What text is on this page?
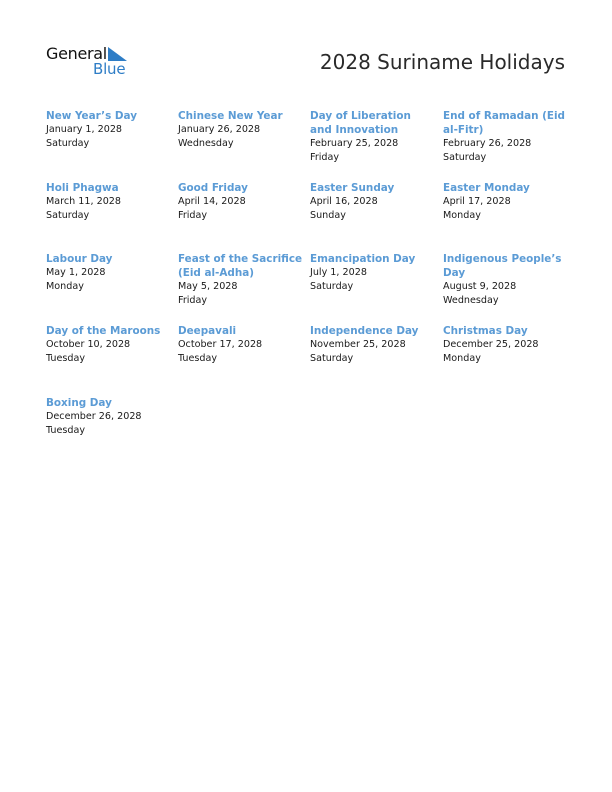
General
Blue	2028 Suriname Holidays

New Year’s Day

January 1, 2028

Saturday

Chinese New Year

January 26, 2028

Wednesday

Day of Liberation and Innovation

February 25, 2028

Friday

End of Ramadan (Eid al-Fitr)

February 26, 2028

Saturday

Holi Phagwa

March 11, 2028

Saturday

Good Friday

April 14, 2028

Friday

Easter Sunday

April 16, 2028

Sunday

Easter Monday

April 17, 2028

Monday

Labour Day

May 1, 2028

Monday

Feast of the Sacrifice (Eid al-Adha)

May 5, 2028

Friday

Emancipation Day

July 1, 2028

Saturday

Indigenous People’s Day

August 9, 2028

Wednesday

Day of the Maroons

October 10, 2028

Tuesday

Deepavali

October 17, 2028

Tuesday

Independence Day

November 25, 2028

Saturday

Christmas Day

December 25, 2028

Monday

Boxing Day

December 26, 2028

Tuesday
